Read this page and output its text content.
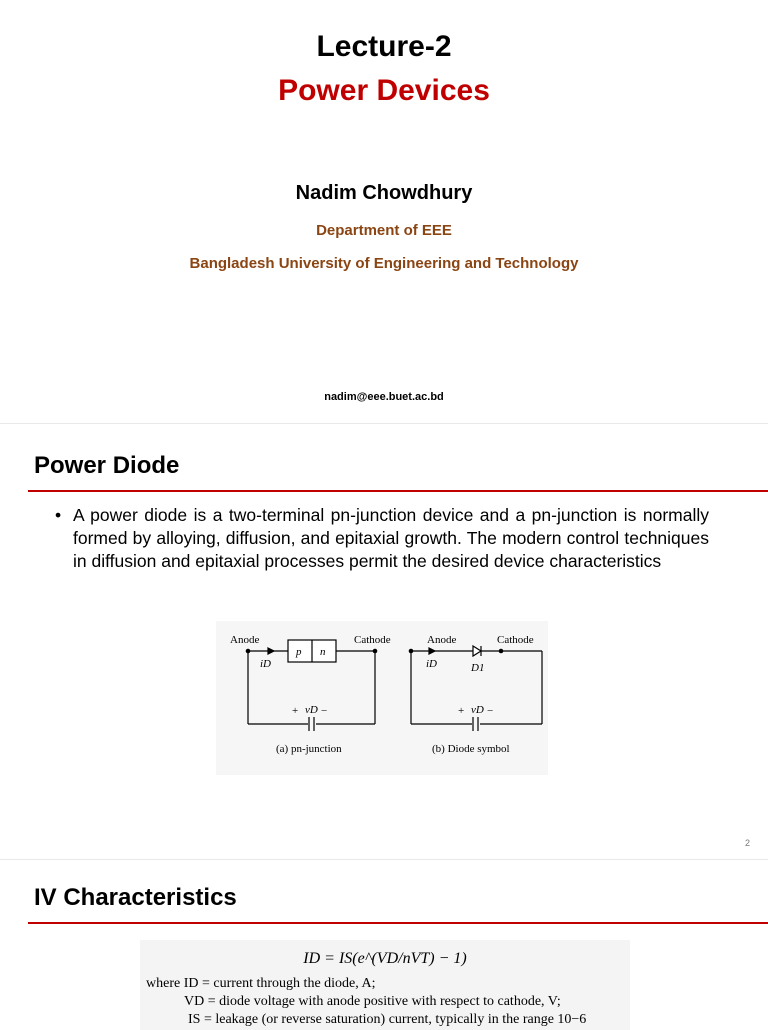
Lecture-2
Power Devices
Nadim Chowdhury
Department of EEE
Bangladesh University of Engineering and Technology
nadim@eee.buet.ac.bd
Power Diode
• A power diode is a two-terminal pn-junction device and a pn-junction is normally formed by alloying, diffusion, and epitaxial growth. The modern control techniques in diffusion and epitaxial processes permit the desired device characteristics
Anode	Cathode
p n
iD
+ vD −
(a) pn-junction
Anode	Cathode
iD	D1
+ vD −
(b) Diode symbol
2
IV Characteristics
ID = IS(e^(VD/nVT) − 1)
where ID = current through the diode, A;
VD = diode voltage with anode positive with respect to cathode, V;
IS = leakage (or reverse saturation) current, typically in the range 10−6
